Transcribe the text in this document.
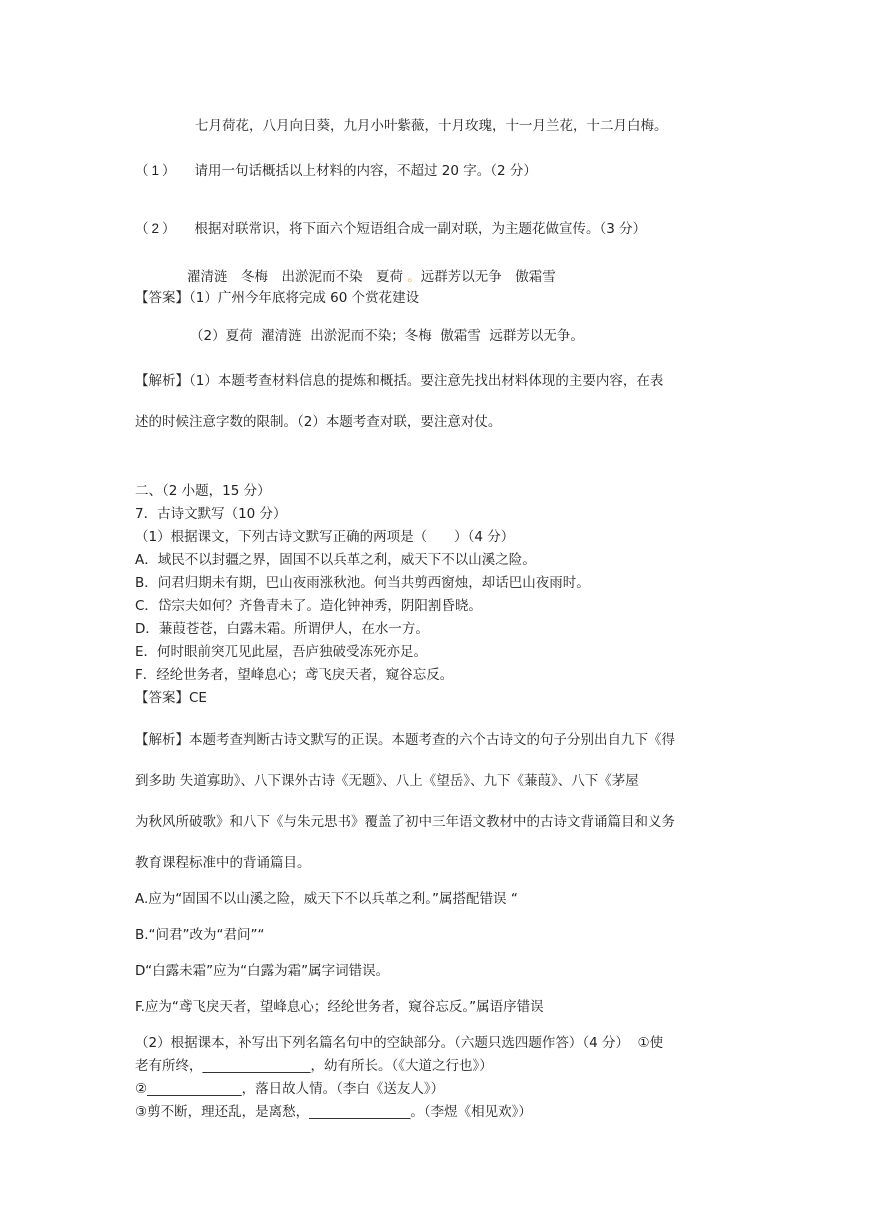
七月荷花，八月向日葵，九月小叶紫薇，十月玫瑰，十一月兰花，十二月白梅。

（1） 请用一句话概括以上材料的内容，不超过 20 字。（2 分）

（2） 根据对联常识，将下面六个短语组合成一副对联，为主题花做宣传。（3 分）

濯清涟　冬梅　出淤泥而不染　夏荷 。远群芳以无争　傲霜雪

【答案】（1）广州今年底将完成 60 个赏花建设

（2）夏荷  濯清涟  出淤泥而不染；冬梅  傲霜雪  远群芳以无争。

【解析】（1）本题考查材料信息的提炼和概括。要注意先找出材料体现的主要内容，在表

述的时候注意字数的限制。（2）本题考查对联，要注意对仗。

二、（2 小题，15 分）

7．古诗文默写（10 分）

（1）根据课文，下列古诗文默写正确的两项是（　　）（4 分）

A．域民不以封疆之界，固国不以兵革之利，威天下不以山溪之险。

B．问君归期未有期，巴山夜雨涨秋池。何当共剪西窗烛，却话巴山夜雨时。

C．岱宗夫如何？齐鲁青未了。造化钟神秀，阴阳割昏晓。

D．蒹葭苍苍，白露未霜。所谓伊人，在水一方。

E．何时眼前突兀见此屋，吾庐独破受冻死亦足。

F．经纶世务者，望峰息心；鸢飞戾天者，窥谷忘反。

【答案】CE

【解析】本题考查判断古诗文默写的正误。本题考查的六个古诗文的句子分别出自九下《得

到多助 失道寡助》、八下课外古诗《无题》、八上《望岳》、九下《蒹葭》、八下《茅屋

为秋风所破歌》和八下《与朱元思书》覆盖了初中三年语文教材中的古诗文背诵篇目和义务

教育课程标准中的背诵篇目。

A.应为“固国不以山溪之险，威天下不以兵革之利。”属搭配错误 “

B.“问君”改为“君问”“

D“白露未霜”应为“白露为霜”属字词错误。

F.应为“鸢飞戾天者，望峰息心；经纶世务者，窥谷忘反。”属语序错误

（2）根据课本，补写出下列名篇名句中的空缺部分。（六题只选四题作答）（4 分）  ①使

老有所终，________________，幼有所长。（《大道之行也》）

②______________，落日故人情。（李白《送友人》）

③剪不断，理还乱，是离愁，_______________。（李煜《相见欢》）
